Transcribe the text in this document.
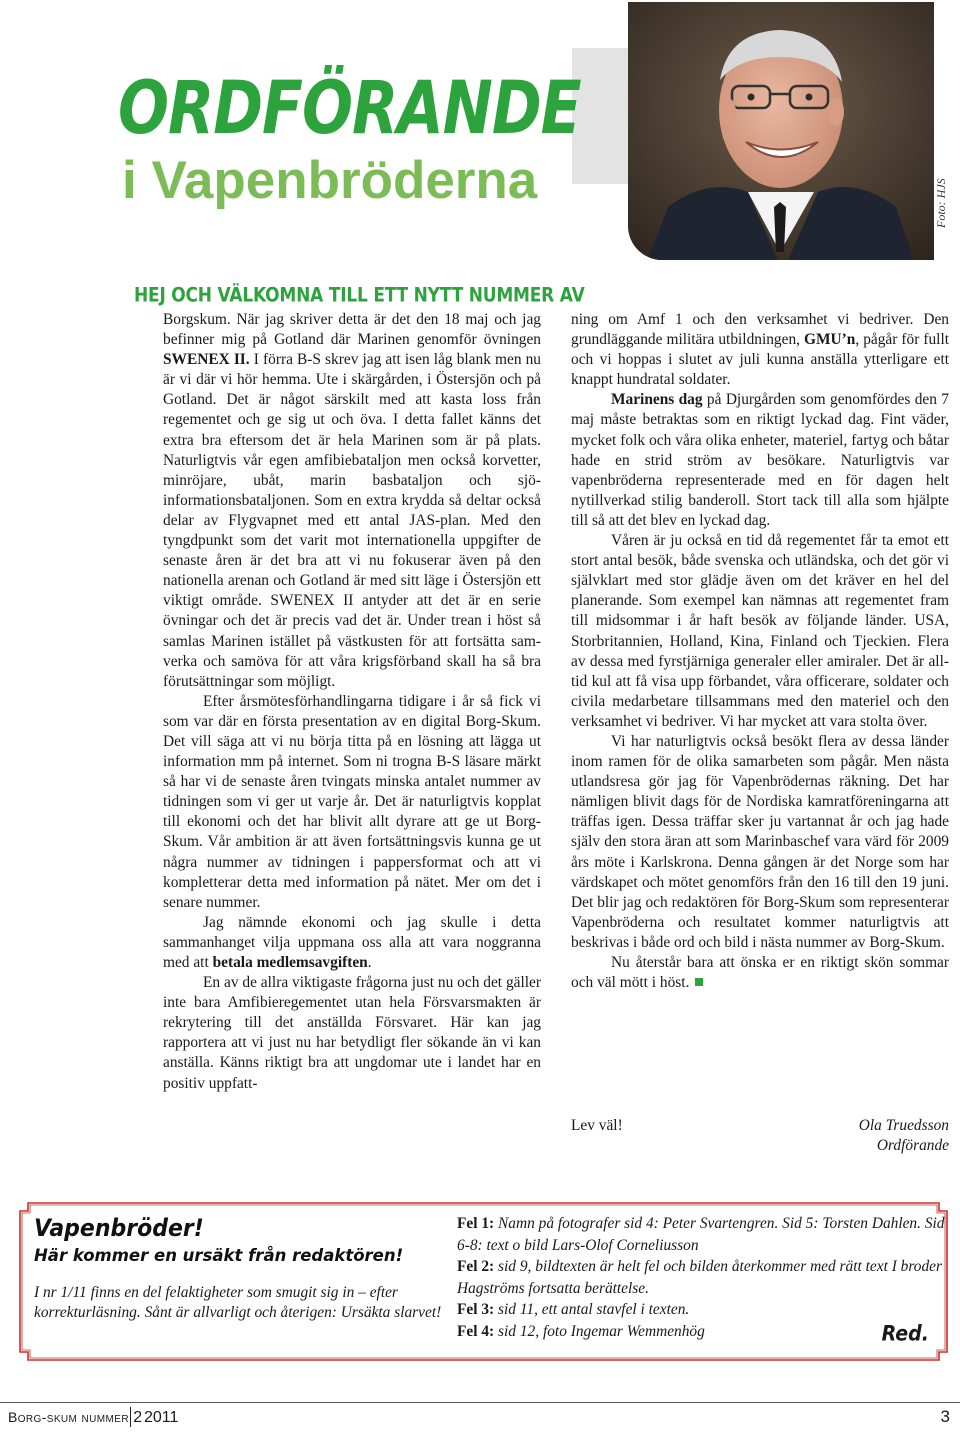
ORDFÖRANDE
i Vapenbröderna	Foto: HJS
HEJ OCH VÄLKOMNA TILL ETT NYTT NUMMER AV

Borgskum. När jag skriver detta är det den 18 maj och jag befinner mig på Gotland där Marinen genomför övningen SWENEX II. I förra B-S skrev jag att isen låg blank men nu är vi där vi hör hemma. Ute i skärgården, i Östersjön och på Gotland. Det är något särskilt med att kasta loss från regementet och ge sig ut och öva. I detta fallet känns det extra bra eftersom det är hela Marinen som är på plats. Naturligtvis vår egen amfibiebataljon men också korvetter, minröjare, ubåt, marin basbataljon och sjöinformationsbataljonen. Som en extra krydda så deltar också delar av Flygvapnet med ett antal JAS-plan. Med den tyngdpunkt som det varit mot internationella uppgifter de senaste åren är det bra att vi nu fokuserar även på den nationella arenan och Gotland är med sitt läge i Östersjön ett viktigt område. SWENEX II antyder att det är en serie övningar och det är precis vad det är. Under trean i höst så samlas Marinen istället på västkusten för att fortsätta samverka och samöva för att våra krigsförband skall ha så bra förutsättningar som möjligt.

Efter årsmötesförhandlingarna tidigare i år så fick vi som var där en första presentation av en digital Borg-Skum. Det vill säga att vi nu börja titta på en lösning att lägga ut information mm på internet. Som ni trogna B-S läsare märkt så har vi de senaste åren tvingats minska antalet nummer av tidningen som vi ger ut varje år. Det är naturligtvis kopplat till ekonomi och det har blivit allt dyrare att ge ut Borg-Skum. Vår ambition är att även fortsättningsvis kunna ge ut några nummer av tidningen i pappersformat och att vi kompletterar detta med information på nätet. Mer om det i senare nummer.

Jag nämnde ekonomi och jag skulle i detta sammanhanget vilja uppmana oss alla att vara noggranna med att betala medlemsavgiften.

En av de allra viktigaste frågorna just nu och det gäller inte bara Amfibieregementet utan hela Försvarsmakten är rekrytering till det anställda Försvaret. Här kan jag rapportera att vi just nu har betydligt fler sökande än vi kan anställa. Känns riktigt bra att ungdomar ute i landet har en positiv uppfatt-

ning om Amf 1 och den verksamhet vi bedriver. Den grundläggande militära utbildningen, GMU’n, pågår för fullt och vi hoppas i slutet av juli kunna anställa ytterligare ett knappt hundratal soldater.

Marinens dag på Djurgården som genomfördes den 7 maj måste betraktas som en riktigt lyckad dag. Fint väder, mycket folk och våra olika enheter, materiel, fartyg och båtar hade en strid ström av besökare. Naturligtvis var vapenbröderna representerade med en för dagen helt nytillverkad stilig banderoll. Stort tack till alla som hjälpte till så att det blev en lyckad dag.

Våren är ju också en tid då regementet får ta emot ett stort antal besök, både svenska och utländska, och det gör vi självklart med stor glädje även om det kräver en hel del planerande. Som exempel kan nämnas att regementet fram till midsommar i år haft besök av följande länder. USA, Storbritannien, Holland, Kina, Finland och Tjeckien. Flera av dessa med fyrstjärniga generaler eller amiraler. Det är alltid kul att få visa upp förbandet, våra officerare, soldater och civila medarbetare tillsammans med den materiel och den verksamhet vi bedriver. Vi har mycket att vara stolta över.

Vi har naturligtvis också besökt flera av dessa länder inom ramen för de olika samarbeten som pågår. Men nästa utlandsresa gör jag för Vapenbrödernas räkning. Det har nämligen blivit dags för de Nordiska kamratföreningarna att träffas igen. Dessa träffar sker ju vartannat år och jag hade själv den stora äran att som Marinbaschef vara värd för 2009 års möte i Karlskrona. Denna gången är det Norge som har värdskapet och mötet genomförs från den 16 till den 19 juni. Det blir jag och redaktören för Borg-Skum som representerar Vapenbröderna och resultatet kommer naturligtvis att beskrivas i både ord och bild i nästa nummer av Borg-Skum.

Nu återstår bara att önska er en riktigt skön sommar och väl mött i höst.

Lev väl!	Ola Truedsson
Ordförande
Vapenbröder!
Här kommer en ursäkt från redaktören!
I nr 1/11 finns en del felaktigheter som smugit sig in – efter korrekturläsning. Sånt är allvarligt och återigen: Ursäkta slarvet!
Fel 1: Namn på fotografer sid 4: Peter Svartengren. Sid 5: Torsten Dahlen. Sid 6-8: text o bild Lars-Olof Corneliusson
Fel 2: sid 9, bildtexten är helt fel och bilden återkommer med rätt text I broder Hagströms fortsatta berättelse.
Fel 3: sid 11, ett antal stavfel i texten.
Fel 4: sid 12, foto Ingemar Wemmenhög	Red.
Borg-skum nummer 2 2011	3
